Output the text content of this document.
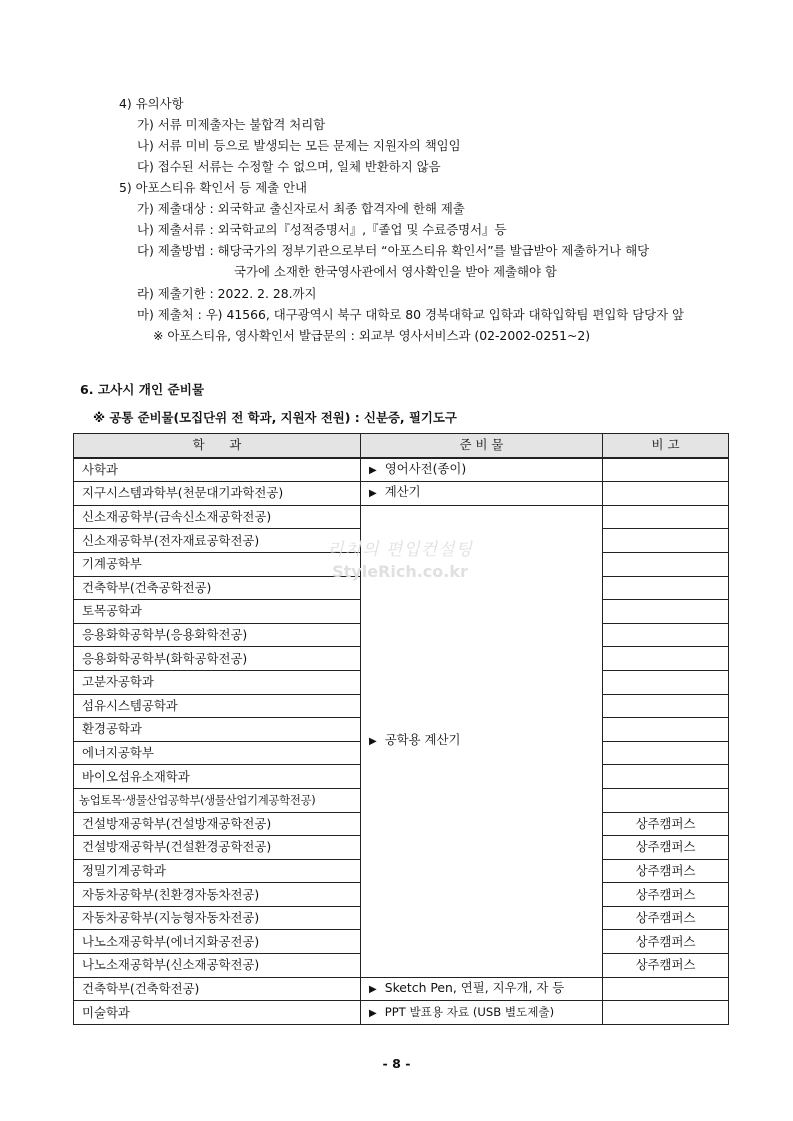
4) 유의사항
가) 서류 미제출자는 불합격 처리함
나) 서류 미비 등으로 발생되는 모든 문제는 지원자의 책임임
다) 접수된 서류는 수정할 수 없으며, 일체 반환하지 않음
5) 아포스티유 확인서 등 제출 안내
가) 제출대상 : 외국학교 출신자로서 최종 합격자에 한해 제출
나) 제출서류 : 외국학교의『성적증명서』,『졸업 및 수료증명서』등
다) 제출방법 : 해당국가의 정부기관으로부터 “아포스티유 확인서”를 발급받아 제출하거나 해당
국가에 소재한 한국영사관에서 영사확인을 받아 제출해야 함
라) 제출기한 : 2022. 2. 28.까지
마) 제출처 : 우) 41566, 대구광역시 북구 대학로 80 경북대학교 입학과 대학입학팀 편입학 담당자 앞
※ 아포스티유, 영사확인서 발급문의 : 외교부 영사서비스과 (02-2002-0251~2)
6. 고사시 개인 준비물
※ 공통 준비물(모집단위 전 학과, 지원자 전원) : 신분증, 필기도구
학　　과	준 비 물	비 고
사학과	▶ 영어사전(종이)	
지구시스템과학부(천문대기과학전공)	▶ 계산기	
신소재공학부(금속신소재공학전공)	▶ 공학용 계산기	
신소재공학부(전자재료공학전공)		
기계공학부		
건축학부(건축공학전공)		
토목공학과		
응용화학공학부(응용화학전공)		
응용화학공학부(화학공학전공)		
고분자공학과		
섬유시스템공학과		
환경공학과		
에너지공학부		
바이오섬유소재학과		
농업토목·생물산업공학부(생물산업기계공학전공)		
건설방재공학부(건설방재공학전공)		상주캠퍼스
건설방재공학부(건설환경공학전공)		상주캠퍼스
정밀기계공학과		상주캠퍼스
자동차공학부(친환경자동차전공)		상주캠퍼스
자동차공학부(지능형자동차전공)		상주캠퍼스
나노소재공학부(에너지화공전공)		상주캠퍼스
나노소재공학부(신소재공학전공)		상주캠퍼스
건축학부(건축학전공)	▶ Sketch Pen, 연필, 지우개, 자 등	
미술학과	▶ PPT 발표용 자료 (USB 별도제출)	
리치의 편입컨설팅
StyleRich.co.kr
- 8 -
